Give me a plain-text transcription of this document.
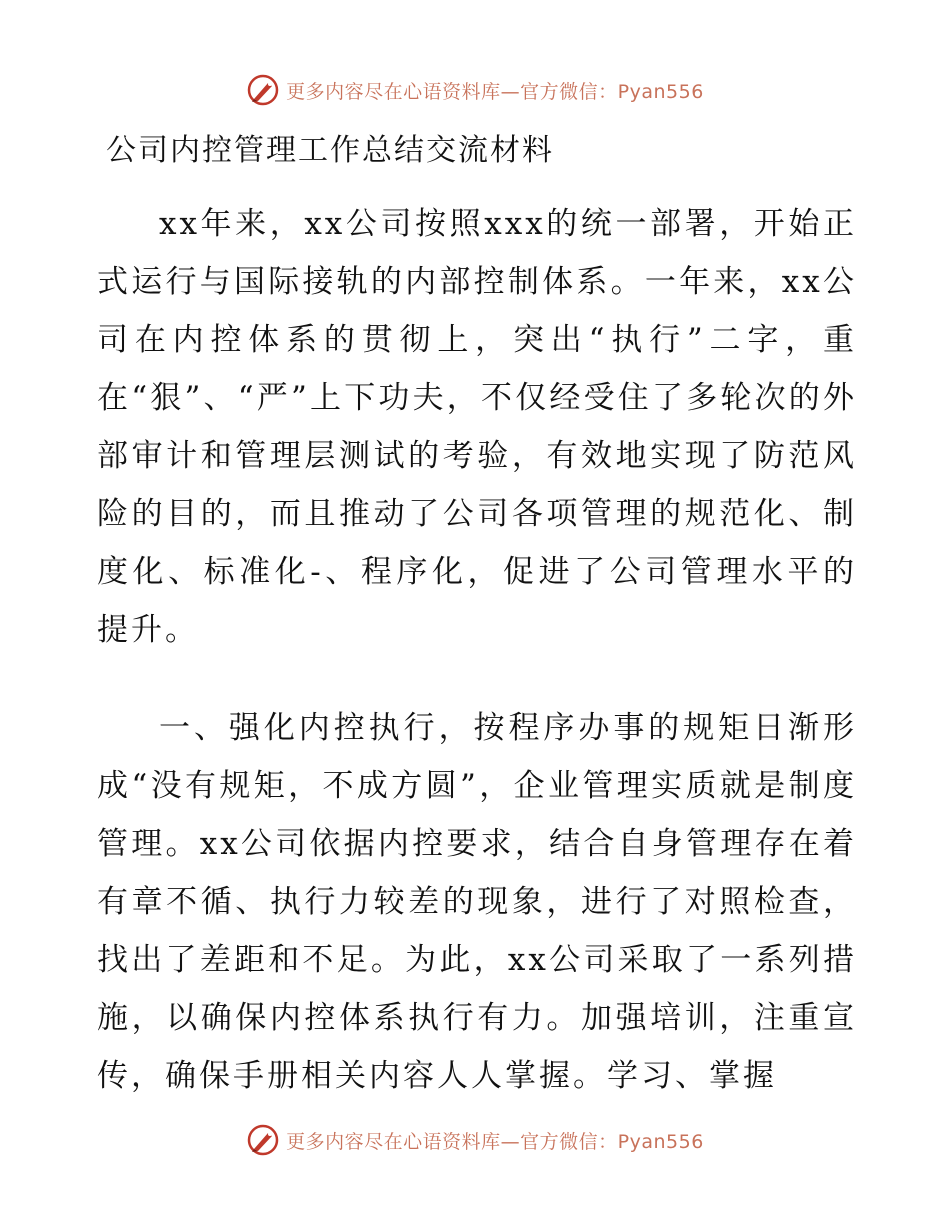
更多内容尽在心语资料库—官方微信：Pyan556
公司内控管理工作总结交流材料

xx年来，xx公司按照xxx的统一部署，开始正式运行与国际接轨的内部控制体系。一年来，xx公司在内控体系的贯彻上，突出“执行”二字，重在“狠”、“严”上下功夫，不仅经受住了多轮次的外部审计和管理层测试的考验，有效地实现了防范风险的目的，而且推动了公司各项管理的规范化、制度化、标准化-、程序化，促进了公司管理水平的提升。

一、强化内控执行，按程序办事的规矩日渐形成“没有规矩，不成方圆”，企业管理实质就是制度管理。xx公司依据内控要求，结合自身管理存在着有章不循、执行力较差的现象，进行了对照检查，找出了差距和不足。为此，xx公司采取了一系列措施，以确保内控体系执行有力。加强培训，注重宣传，确保手册相关内容人人掌握。学习、掌握

更多内容尽在心语资料库—官方微信：Pyan556
